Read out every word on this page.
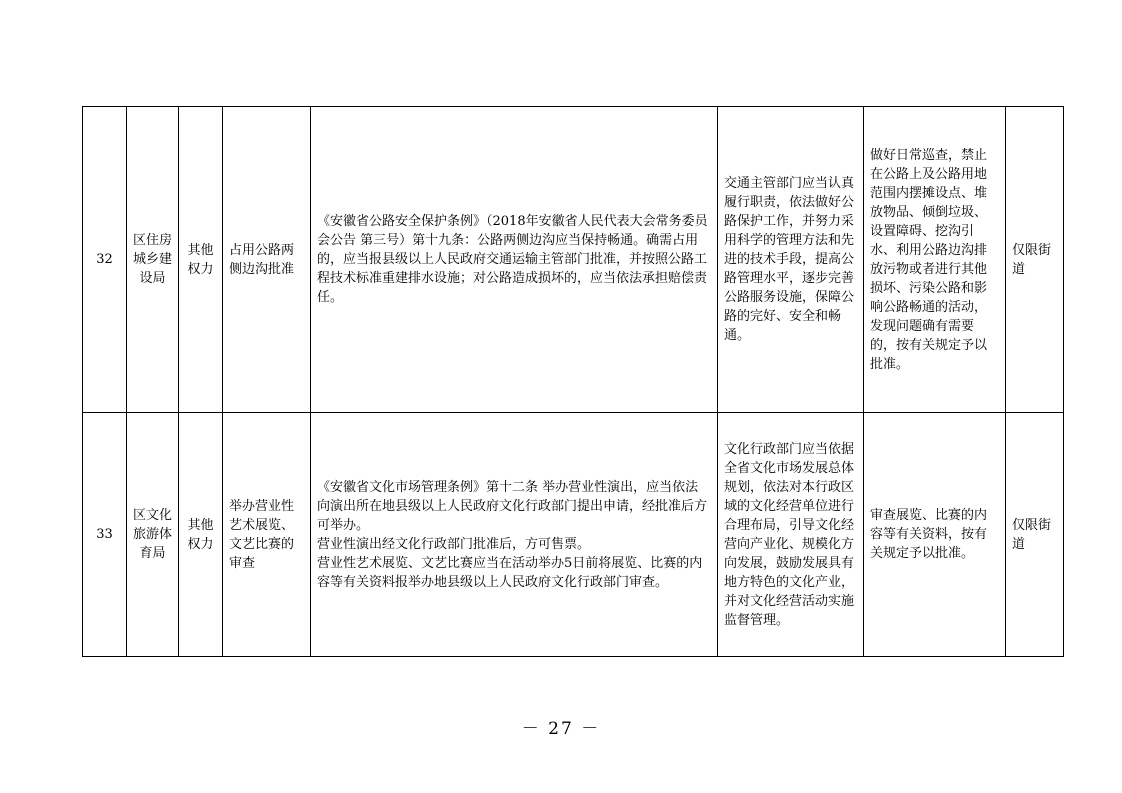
32	区住房城乡建设局	其他权力	占用公路两侧边沟批准	《安徽省公路安全保护条例》（2018年安徽省人民代表大会常务委员会公告 第三号）第十九条：公路两侧边沟应当保持畅通。确需占用的，应当报县级以上人民政府交通运输主管部门批准，并按照公路工程技术标准重建排水设施；对公路造成损坏的，应当依法承担赔偿责任。	交通主管部门应当认真履行职责，依法做好公路保护工作，并努力采用科学的管理方法和先进的技术手段，提高公路管理水平，逐步完善公路服务设施，保障公路的完好、安全和畅通。	做好日常巡查，禁止在公路上及公路用地范围内摆摊设点、堆放物品、倾倒垃圾、设置障碍、挖沟引水、利用公路边沟排放污物或者进行其他损坏、污染公路和影响公路畅通的活动，发现问题确有需要的，按有关规定予以批准。	仅限街道
33	区文化旅游体育局	其他权力	举办营业性艺术展览、文艺比赛的审查	《安徽省文化市场管理条例》第十二条 举办营业性演出，应当依法向演出所在地县级以上人民政府文化行政部门提出申请，经批准后方可举办。

营业性演出经文化行政部门批准后，方可售票。

营业性艺术展览、文艺比赛应当在活动举办5日前将展览、比赛的内容等有关资料报举办地县级以上人民政府文化行政部门审查。	文化行政部门应当依据全省文化市场发展总体规划，依法对本行政区域的文化经营单位进行合理布局，引导文化经营向产业化、规模化方向发展，鼓励发展具有地方特色的文化产业，并对文化经营活动实施监督管理。	审查展览、比赛的内容等有关资料，按有关规定予以批准。	仅限街道
－ 27 －
